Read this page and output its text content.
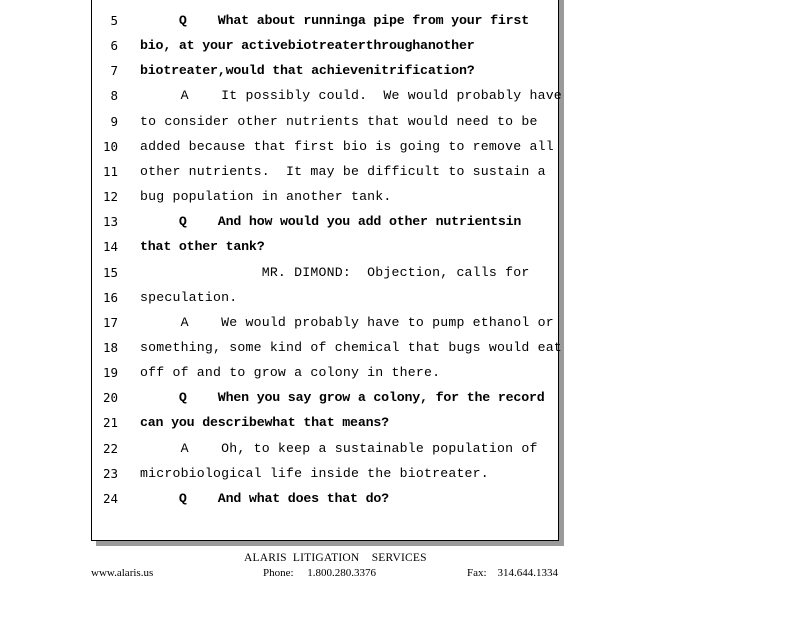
5 Q    What about runninga pipe from your first
6 bio, at your activebiotreaterthroughanother
7 biotreater,would that achievenitrification?
8 A    It possibly could.  We would probably have
9 to consider other nutrients that would need to be
10 added because that first bio is going to remove all
11 other nutrients.  It may be difficult to sustain a
12 bug population in another tank.
13 Q    And how would you add other nutrientsin
14 that other tank?
15 MR. DIMOND:  Objection, calls for
16 speculation.
17 A    We would probably have to pump ethanol or
18 something, some kind of chemical that bugs would eat
19 off of and to grow a colony in there.
20 Q    When you say grow a colony, for the record
21 can you describewhat that means?
22 A    Oh, to keep a sustainable population of
23 microbiological life inside the biotreater.
24 Q    And what does that do?
ALARIS  LITIGATION    SERVICES
www.alaris.us	Phone:     1.800.280.3376	Fax:    314.644.1334
